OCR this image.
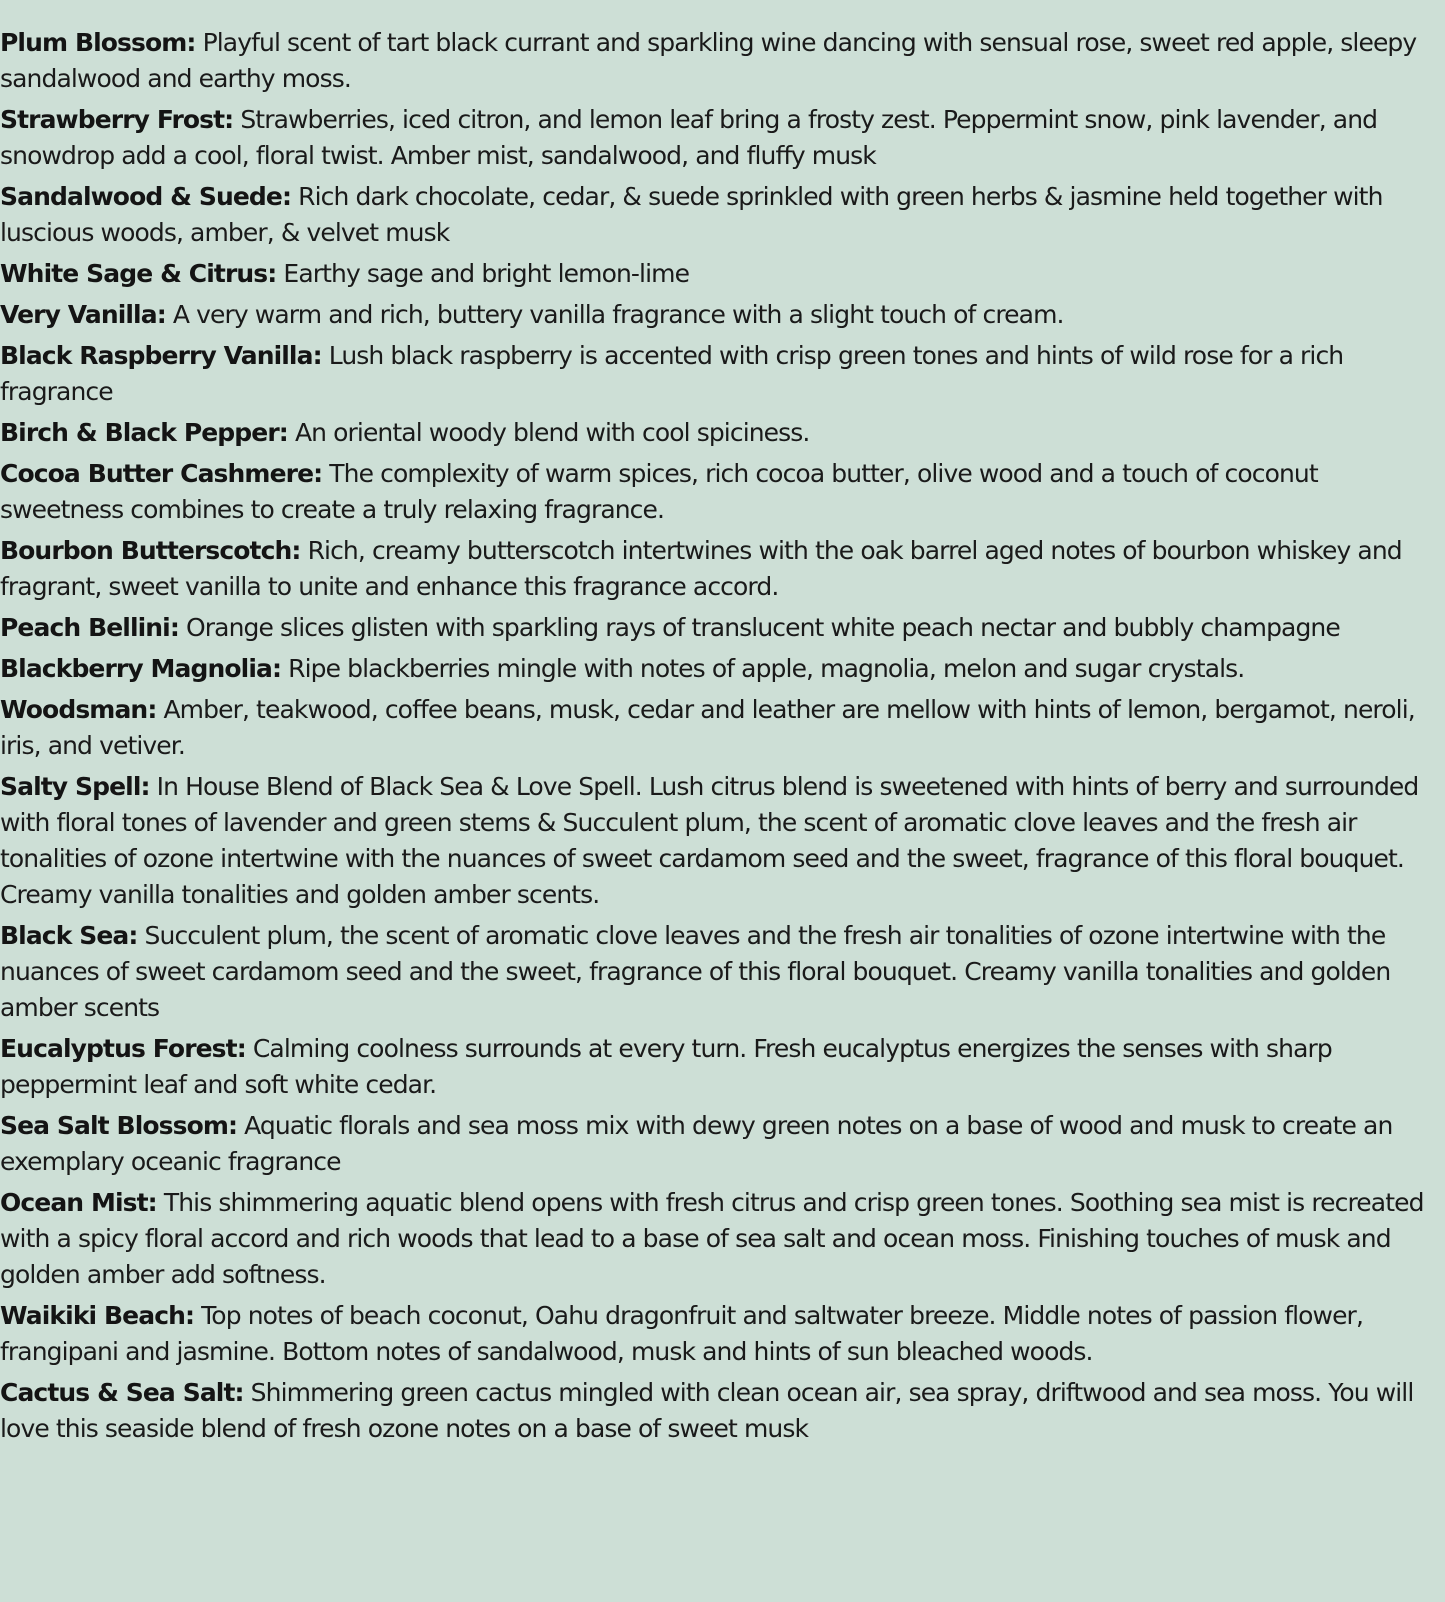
Plum Blossom: Playful scent of tart black currant and sparkling wine dancing with sensual rose, sweet red apple, sleepy sandalwood and earthy moss.

Strawberry Frost: Strawberries, iced citron, and lemon leaf bring a frosty zest. Peppermint snow, pink lavender, and snowdrop add a cool, floral twist. Amber mist, sandalwood, and fluffy musk

Sandalwood & Suede: Rich dark chocolate, cedar, & suede sprinkled with green herbs & jasmine held together with luscious woods, amber, & velvet musk

White Sage & Citrus: Earthy sage and bright lemon-lime

Very Vanilla: A very warm and rich, buttery vanilla fragrance with a slight touch of cream.

Black Raspberry Vanilla: Lush black raspberry is accented with crisp green tones and hints of wild rose for a rich fragrance

Birch & Black Pepper: An oriental woody blend with cool spiciness.

Cocoa Butter Cashmere: The complexity of warm spices, rich cocoa butter, olive wood and a touch of coconut sweetness combines to create a truly relaxing fragrance.

Bourbon Butterscotch: Rich, creamy butterscotch intertwines with the oak barrel aged notes of bourbon whiskey and fragrant, sweet vanilla to unite and enhance this fragrance accord.

Peach Bellini: Orange slices glisten with sparkling rays of translucent white peach nectar and bubbly champagne

Blackberry Magnolia: Ripe blackberries mingle with notes of apple, magnolia, melon and sugar crystals.

Woodsman: Amber, teakwood, coffee beans, musk, cedar and leather are mellow with hints of lemon, bergamot, neroli, iris, and vetiver.

Salty Spell: In House Blend of Black Sea & Love Spell. Lush citrus blend is sweetened with hints of berry and surrounded with floral tones of lavender and green stems & Succulent plum, the scent of aromatic clove leaves and the fresh air tonalities of ozone intertwine with the nuances of sweet cardamom seed and the sweet, fragrance of this floral bouquet. Creamy vanilla tonalities and golden amber scents.

Black Sea: Succulent plum, the scent of aromatic clove leaves and the fresh air tonalities of ozone intertwine with the nuances of sweet cardamom seed and the sweet, fragrance of this floral bouquet. Creamy vanilla tonalities and golden amber scents

Eucalyptus Forest: Calming coolness surrounds at every turn. Fresh eucalyptus energizes the senses with sharp peppermint leaf and soft white cedar.

Sea Salt Blossom: Aquatic florals and sea moss mix with dewy green notes on a base of wood and musk to create an exemplary oceanic fragrance

Ocean Mist: This shimmering aquatic blend opens with fresh citrus and crisp green tones. Soothing sea mist is recreated with a spicy floral accord and rich woods that lead to a base of sea salt and ocean moss. Finishing touches of musk and golden amber add softness.

Waikiki Beach: Top notes of beach coconut, Oahu dragonfruit and saltwater breeze. Middle notes of passion flower, frangipani and jasmine. Bottom notes of sandalwood, musk and hints of sun bleached woods.

Cactus & Sea Salt: Shimmering green cactus mingled with clean ocean air, sea spray, driftwood and sea moss. You will love this seaside blend of fresh ozone notes on a base of sweet musk
